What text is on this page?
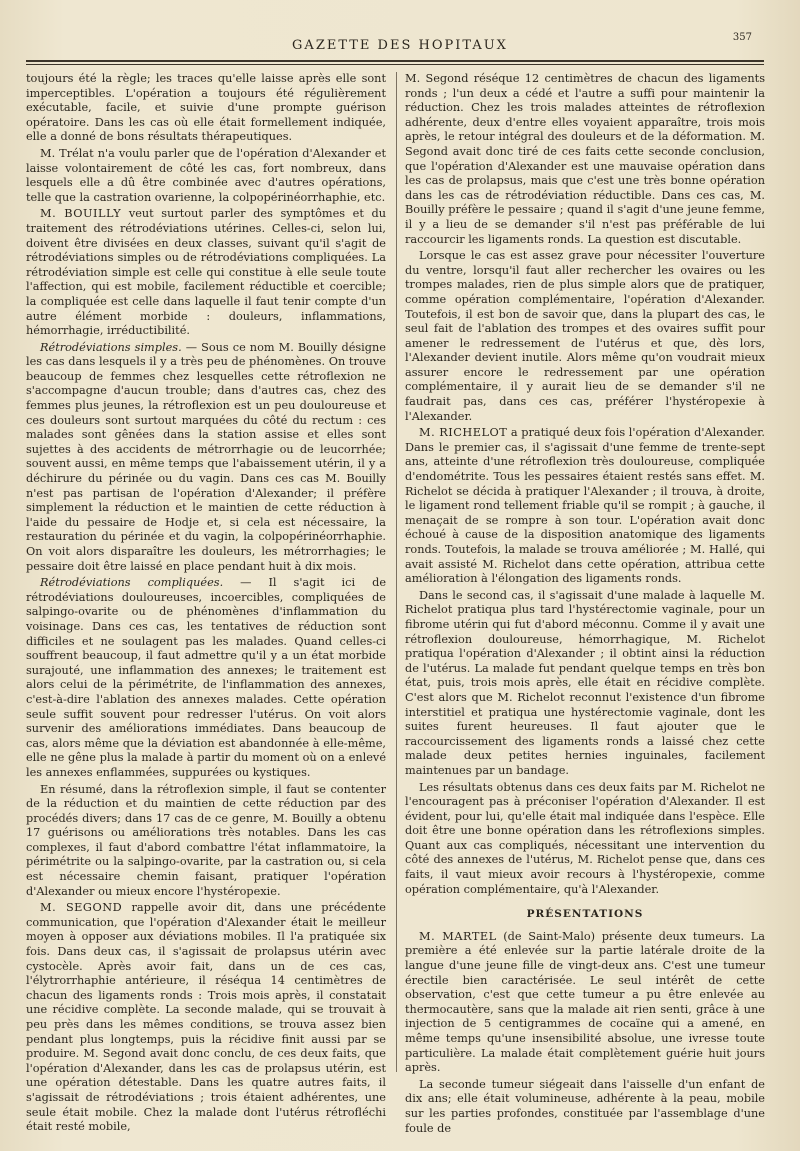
GAZETTE DES HOPITAUX
357

toujours été la règle; les traces qu'elle laisse après elle sont imperceptibles. L'opération a toujours été régulièrement exécutable, facile, et suivie d'une prompte guérison opératoire. Dans les cas où elle était formellement indiquée, elle a donné de bons résultats thérapeutiques.

M. Trélat n'a voulu parler que de l'opération d'Alexander et laisse volontairement de côté les cas, fort nombreux, dans lesquels elle a dû être combinée avec d'autres opérations, telle que la castration ovarienne, la colpopérinéorrhaphie, etc.

M. BOUILLY veut surtout parler des symptômes et du traitement des rétrodéviations utérines. Celles-ci, selon lui, doivent être divisées en deux classes, suivant qu'il s'agit de rétrodéviations simples ou de rétrodéviations compliquées. La rétrodéviation simple est celle qui constitue à elle seule toute l'affection, qui est mobile, facilement réductible et coercible; la compliquée est celle dans laquelle il faut tenir compte d'un autre élément morbide : douleurs, inflammations, hémorrhagie, irréductibilité.

Rétrodéviations simples. — Sous ce nom M. Bouilly désigne les cas dans lesquels il y a très peu de phénomènes. On trouve beaucoup de femmes chez lesquelles cette rétroflexion ne s'accompagne d'aucun trouble; dans d'autres cas, chez des femmes plus jeunes, la rétroflexion est un peu douloureuse et ces douleurs sont surtout marquées du côté du rectum : ces malades sont gênées dans la station assise et elles sont sujettes à des accidents de métrorrhagie ou de leucorrhée; souvent aussi, en même temps que l'abaissement utérin, il y a déchirure du périnée ou du vagin. Dans ces cas M. Bouilly n'est pas partisan de l'opération d'Alexander; il préfère simplement la réduction et le maintien de cette réduction à l'aide du pessaire de Hodje et, si cela est nécessaire, la restauration du périnée et du vagin, la colpopérinéorrhaphie. On voit alors disparaître les douleurs, les métrorrhagies; le pessaire doit être laissé en place pendant huit à dix mois.

Rétrodéviations compliquées. — Il s'agit ici de rétrodéviations douloureuses, incoercibles, compliquées de salpingo-ovarite ou de phénomènes d'inflammation du voisinage. Dans ces cas, les tentatives de réduction sont difficiles et ne soulagent pas les malades. Quand celles-ci souffrent beaucoup, il faut admettre qu'il y a un état morbide surajouté, une inflammation des annexes; le traitement est alors celui de la périmétrite, de l'inflammation des annexes, c'est-à-dire l'ablation des annexes malades. Cette opération seule suffit souvent pour redresser l'utérus. On voit alors survenir des améliorations immédiates. Dans beaucoup de cas, alors même que la déviation est abandonnée à elle-même, elle ne gêne plus la malade à partir du moment où on a enlevé les annexes enflammées, suppurées ou kystiques.

En résumé, dans la rétroflexion simple, il faut se contenter de la réduction et du maintien de cette réduction par des procédés divers; dans 17 cas de ce genre, M. Bouilly a obtenu 17 guérisons ou améliorations très notables. Dans les cas complexes, il faut d'abord combattre l'état inflammatoire, la périmétrite ou la salpingo-ovarite, par la castration ou, si cela est nécessaire chemin faisant, pratiquer l'opération d'Alexander ou mieux encore l'hystéropexie.

M. SEGOND rappelle avoir dit, dans une précédente communication, que l'opération d'Alexander était le meilleur moyen à opposer aux déviations mobiles. Il l'a pratiquée six fois. Dans deux cas, il s'agissait de prolapsus utérin avec cystocèle. Après avoir fait, dans un de ces cas, l'élytrorrhaphie antérieure, il réséqua 14 centimètres de chacun des ligaments ronds : Trois mois après, il constatait une récidive complète. La seconde malade, qui se trouvait à peu près dans les mêmes conditions, se trouva assez bien pendant plus longtemps, puis la récidive finit aussi par se produire. M. Segond avait donc conclu, de ces deux faits, que l'opération d'Alexander, dans les cas de prolapsus utérin, est une opération détestable. Dans les quatre autres faits, il s'agissait de rétrodéviations ; trois étaient adhérentes, une seule était mobile. Chez la malade dont l'utérus rétrofléchi était resté mobile,

M. Segond réséque 12 centimètres de chacun des ligaments ronds ; l'un deux a cédé et l'autre a suffi pour maintenir la réduction. Chez les trois malades atteintes de rétroflexion adhérente, deux d'entre elles voyaient apparaître, trois mois après, le retour intégral des douleurs et de la déformation. M. Segond avait donc tiré de ces faits cette seconde conclusion, que l'opération d'Alexander est une mauvaise opération dans les cas de prolapsus, mais que c'est une très bonne opération dans les cas de rétrodéviation réductible. Dans ces cas, M. Bouilly préfère le pessaire ; quand il s'agit d'une jeune femme, il y a lieu de se demander s'il n'est pas préférable de lui raccourcir les ligaments ronds. La question est discutable.

Lorsque le cas est assez grave pour nécessiter l'ouverture du ventre, lorsqu'il faut aller rechercher les ovaires ou les trompes malades, rien de plus simple alors que de pratiquer, comme opération complémentaire, l'opération d'Alexander. Toutefois, il est bon de savoir que, dans la plupart des cas, le seul fait de l'ablation des trompes et des ovaires suffit pour amener le redressement de l'utérus et que, dès lors, l'Alexander devient inutile. Alors même qu'on voudrait mieux assurer encore le redressement par une opération complémentaire, il y aurait lieu de se demander s'il ne faudrait pas, dans ces cas, préférer l'hystéropexie à l'Alexander.

M. RICHELOT a pratiqué deux fois l'opération d'Alexander. Dans le premier cas, il s'agissait d'une femme de trente-sept ans, atteinte d'une rétroflexion très douloureuse, compliquée d'endométrite. Tous les pessaires étaient restés sans effet. M. Richelot se décida à pratiquer l'Alexander ; il trouva, à droite, le ligament rond tellement friable qu'il se rompit ; à gauche, il menaçait de se rompre à son tour. L'opération avait donc échoué à cause de la disposition anatomique des ligaments ronds. Toutefois, la malade se trouva améliorée ; M. Hallé, qui avait assisté M. Richelot dans cette opération, attribua cette amélioration à l'élongation des ligaments ronds.

Dans le second cas, il s'agissait d'une malade à laquelle M. Richelot pratiqua plus tard l'hystérectomie vaginale, pour un fibrome utérin qui fut d'abord méconnu. Comme il y avait une rétroflexion douloureuse, hémorrhagique, M. Richelot pratiqua l'opération d'Alexander ; il obtint ainsi la réduction de l'utérus. La malade fut pendant quelque temps en très bon état, puis, trois mois après, elle était en récidive complète. C'est alors que M. Richelot reconnut l'existence d'un fibrome interstitiel et pratiqua une hystérectomie vaginale, dont les suites furent heureuses. Il faut ajouter que le raccourcissement des ligaments ronds a laissé chez cette malade deux petites hernies inguinales, facilement maintenues par un bandage.

Les résultats obtenus dans ces deux faits par M. Richelot ne l'encouragent pas à préconiser l'opération d'Alexander. Il est évident, pour lui, qu'elle était mal indiquée dans l'espèce. Elle doit être une bonne opération dans les rétroflexions simples. Quant aux cas compliqués, nécessitant une intervention du côté des annexes de l'utérus, M. Richelot pense que, dans ces faits, il vaut mieux avoir recours à l'hystéropexie, comme opération complémentaire, qu'à l'Alexander.

PRÉSENTATIONS

M. MARTEL (de Saint-Malo) présente deux tumeurs. La première a été enlevée sur la partie latérale droite de la langue d'une jeune fille de vingt-deux ans. C'est une tumeur érectile bien caractérisée. Le seul intérêt de cette observation, c'est que cette tumeur a pu être enlevée au thermocautère, sans que la malade ait rien senti, grâce à une injection de 5 centigrammes de cocaïne qui a amené, en même temps qu'une insensibilité absolue, une ivresse toute particulière. La malade était complètement guérie huit jours après.

La seconde tumeur siégeait dans l'aisselle d'un enfant de dix ans; elle était volumineuse, adhérente à la peau, mobile sur les parties profondes, constituée par l'assemblage d'une foule de
